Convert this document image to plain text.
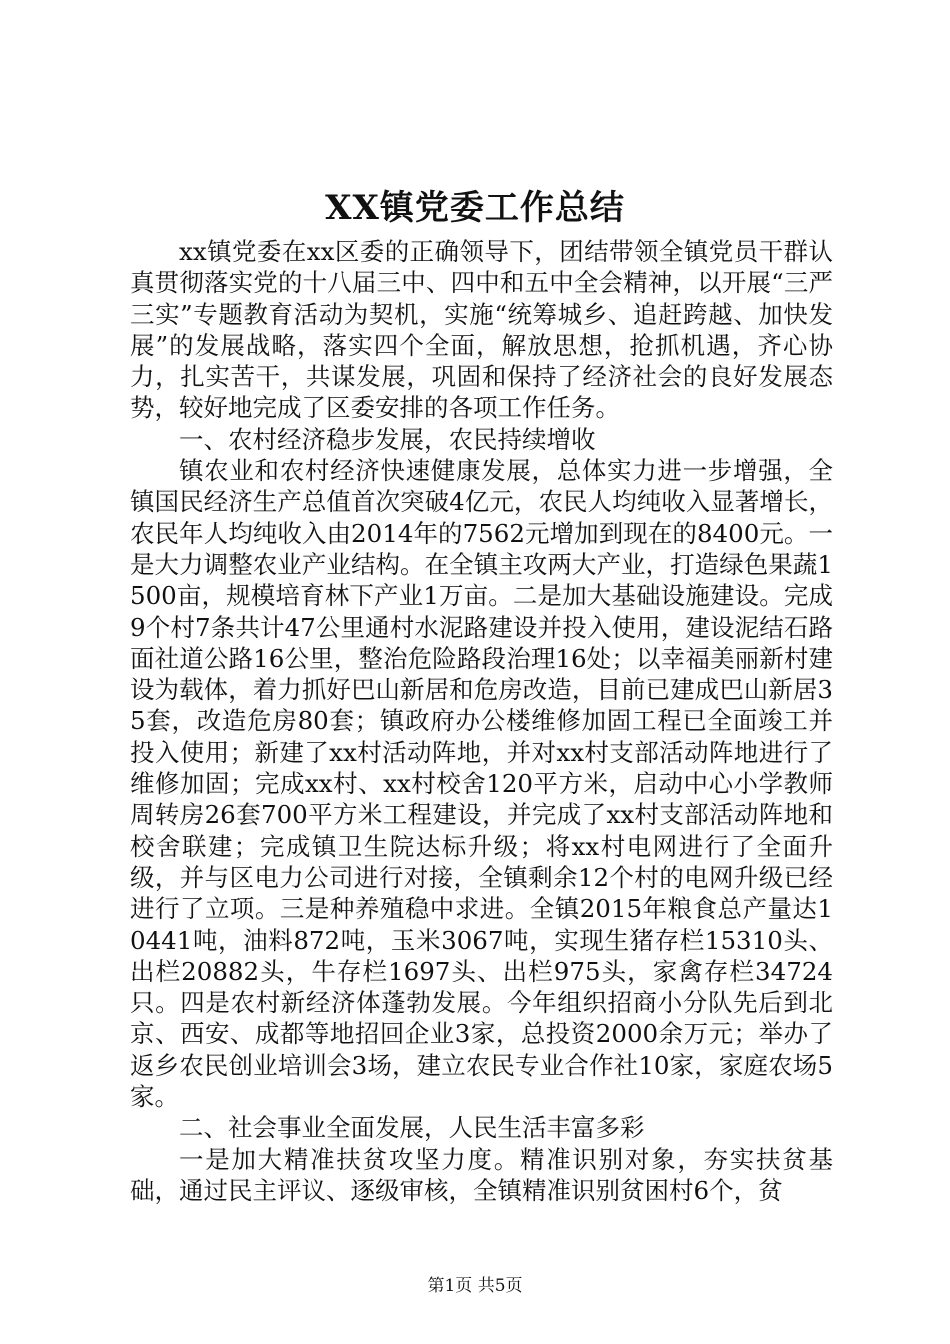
XX镇党委工作总结

xx镇党委在xx区委的正确领导下，团结带领全镇党员干群认真贯彻落实党的十八届三中、四中和五中全会精神，以开展“三严三实”专题教育活动为契机，实施“统筹城乡、追赶跨越、加快发展”的发展战略，落实四个全面，解放思想，抢抓机遇，齐心协力，扎实苦干，共谋发展，巩固和保持了经济社会的良好发展态势，较好地完成了区委安排的各项工作任务。

一、农村经济稳步发展，农民持续增收

镇农业和农村经济快速健康发展，总体实力进一步增强，全镇国民经济生产总值首次突破4亿元，农民人均纯收入显著增长，农民年人均纯收入由2014年的7562元增加到现在的8400元。一是大力调整农业产业结构。在全镇主攻两大产业，打造绿色果蔬1500亩，规模培育林下产业1万亩。二是加大基础设施建设。完成9个村7条共计47公里通村水泥路建设并投入使用，建设泥结石路面社道公路16公里，整治危险路段治理16处；以幸福美丽新村建设为载体，着力抓好巴山新居和危房改造，目前已建成巴山新居35套，改造危房80套；镇政府办公楼维修加固工程已全面竣工并投入使用；新建了xx村活动阵地，并对xx村支部活动阵地进行了维修加固；完成xx村、xx村校舍120平方米，启动中心小学教师周转房26套700平方米工程建设，并完成了xx村支部活动阵地和校舍联建；完成镇卫生院达标升级；将xx村电网进行了全面升级，并与区电力公司进行对接，全镇剩余12个村的电网升级已经进行了立项。三是种养殖稳中求进。全镇2015年粮食总产量达10441吨，油料872吨，玉米3067吨，实现生猪存栏15310头、出栏20882头，牛存栏1697头、出栏975头，家禽存栏34724只。四是农村新经济体蓬勃发展。今年组织招商小分队先后到北京、西安、成都等地招回企业3家，总投资2000余万元；举办了返乡农民创业培训会3场，建立农民专业合作社10家，家庭农场5家。

二、社会事业全面发展，人民生活丰富多彩

一是加大精准扶贫攻坚力度。精准识别对象，夯实扶贫基础，通过民主评议、逐级审核，全镇精准识别贫困村6个，贫

第1页 共5页
